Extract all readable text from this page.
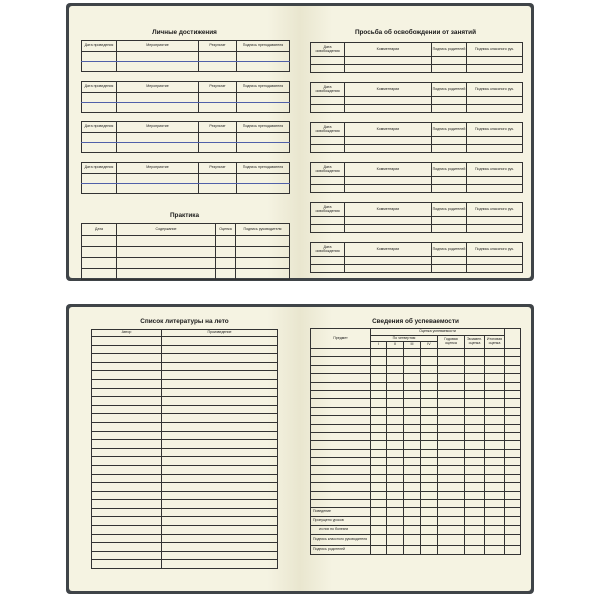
Личные достижения
Дата проведения	Мероприятие	Результат	Подпись преподавателя

Дата проведения	Мероприятие	Результат	Подпись преподавателя

Дата проведения	Мероприятие	Результат	Подпись преподавателя

Дата проведения	Мероприятие	Результат	Подпись преподавателя

Практика
Дата	Содержание	Оценка	Подпись руководителя

Просьба об освобождении от занятий
Дата освобождения	Комментарии	Подпись родителей	Подпись классного рук.

Дата освобождения	Комментарии	Подпись родителей	Подпись классного рук.

Дата освобождения	Комментарии	Подпись родителей	Подпись классного рук.

Дата освобождения	Комментарии	Подпись родителей	Подпись классного рук.

Дата освобождения	Комментарии	Подпись родителей	Подпись классного рук.

Дата освобождения	Комментарии	Подпись родителей	Подпись классного рук.

Список литературы на лето
Автор	Произведение

Сведения об успеваемости
Предмет	Оценка успеваемости							
	По четвертям				Годовая оценка	Экзамен. оценка	Итоговая оценка	
	I	II	III	IV				

Поведение								
Пропущено уроков								
из них по болезни								
Подпись классного руководителя								
Подпись родителей								
